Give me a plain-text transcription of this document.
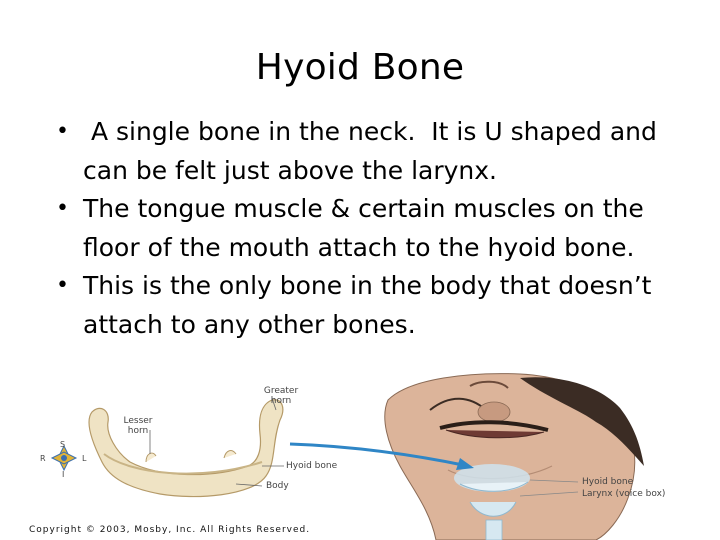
Hyoid Bone
• A single bone in the neck.  It is U shaped and can be felt just above the larynx.
• The tongue muscle & certain muscles on the floor of the mouth attach to the hyoid bone.
• This is the only bone in the body that doesn’t attach to any other bones.
Greater horn
Lesser horn
Hyoid bone
Body	Hyoid bone
Larynx (voice box)
S
R	L
I
Copyright © 2003, Mosby, Inc. All Rights Reserved.
